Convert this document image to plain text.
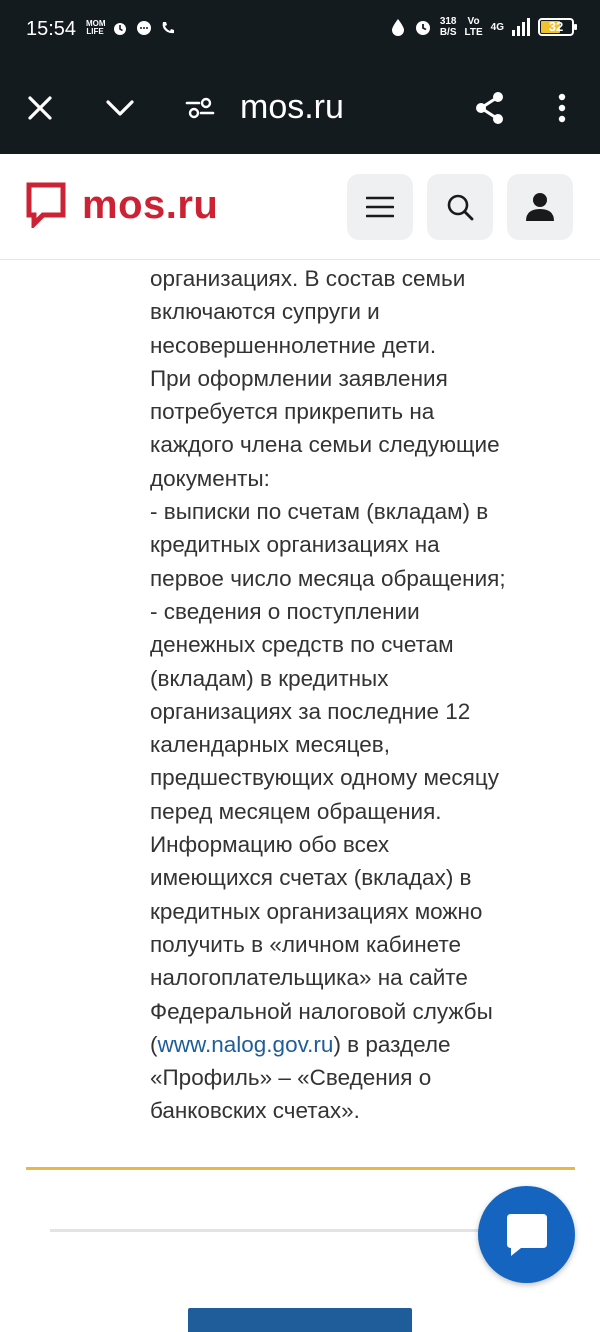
15:54 MOM
LIFE
318
B/S
Vo
LTE 4G	32
mos.ru
mos.ru

организациях. В состав семьи

включаются супруги и

несовершеннолетние дети.

При оформлении заявления

потребуется прикрепить на

каждого члена семьи следующие

документы:

- выписки по счетам (вкладам) в

кредитных организациях на

первое число месяца обращения;

- сведения о поступлении

денежных средств по счетам

(вкладам) в кредитных

организациях за последние 12

календарных месяцев,

предшествующих одному месяцу

перед месяцем обращения.

Информацию обо всех

имеющихся счетах (вкладах) в

кредитных организациях можно

получить в «личном кабинете

налогоплательщика» на сайте

Федеральной налоговой службы

(www.nalog.gov.ru) в разделе

«Профиль» – «Сведения о

банковских счетах».
